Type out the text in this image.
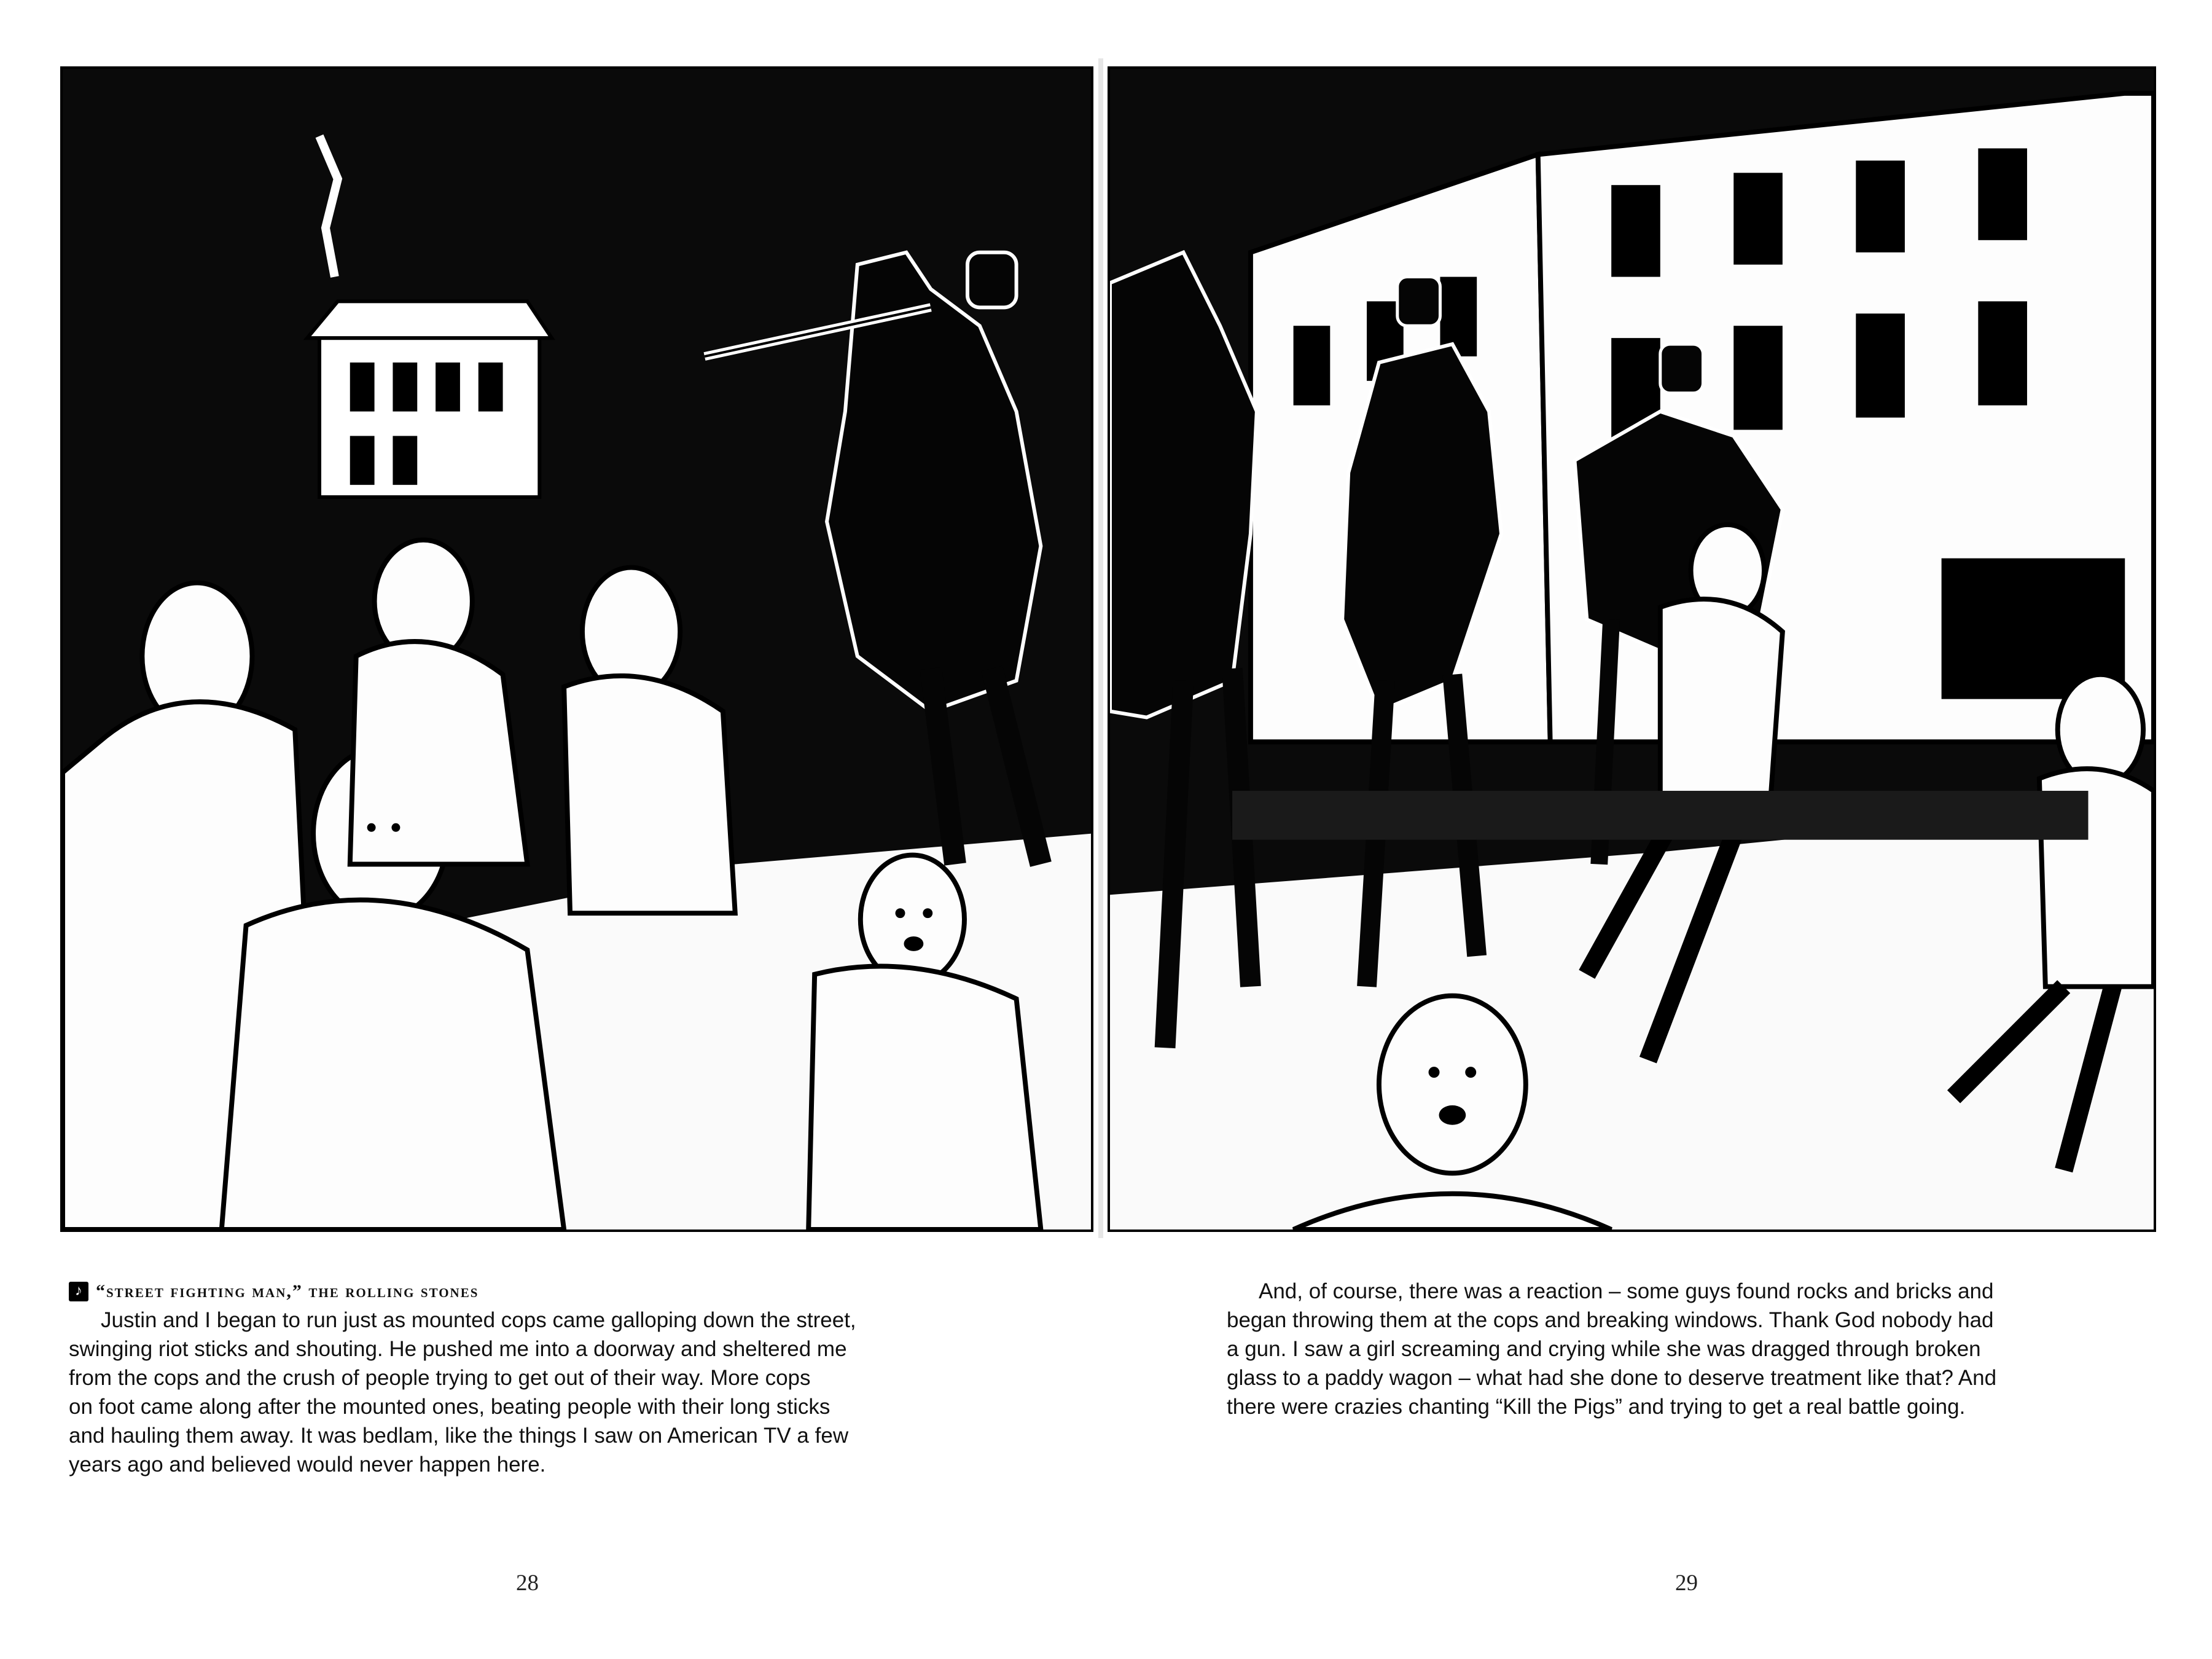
♪ “street fighting man,” the rolling stones
Justin and I began to run just as mounted cops came galloping down the street,
swinging riot sticks and shouting. He pushed me into a doorway and sheltered me
from the cops and the crush of people trying to get out of their way. More cops
on foot came along after the mounted ones, beating people with their long sticks
and hauling them away. It was bedlam, like the things I saw on American TV a few
years ago and believed would never happen here.
And, of course, there was a reaction – some guys found rocks and bricks and
began throwing them at the cops and breaking windows. Thank God nobody had
a gun. I saw a girl screaming and crying while she was dragged through broken
glass to a paddy wagon – what had she done to deserve treatment like that? And
there were crazies chanting “Kill the Pigs” and trying to get a real battle going.
28	29
